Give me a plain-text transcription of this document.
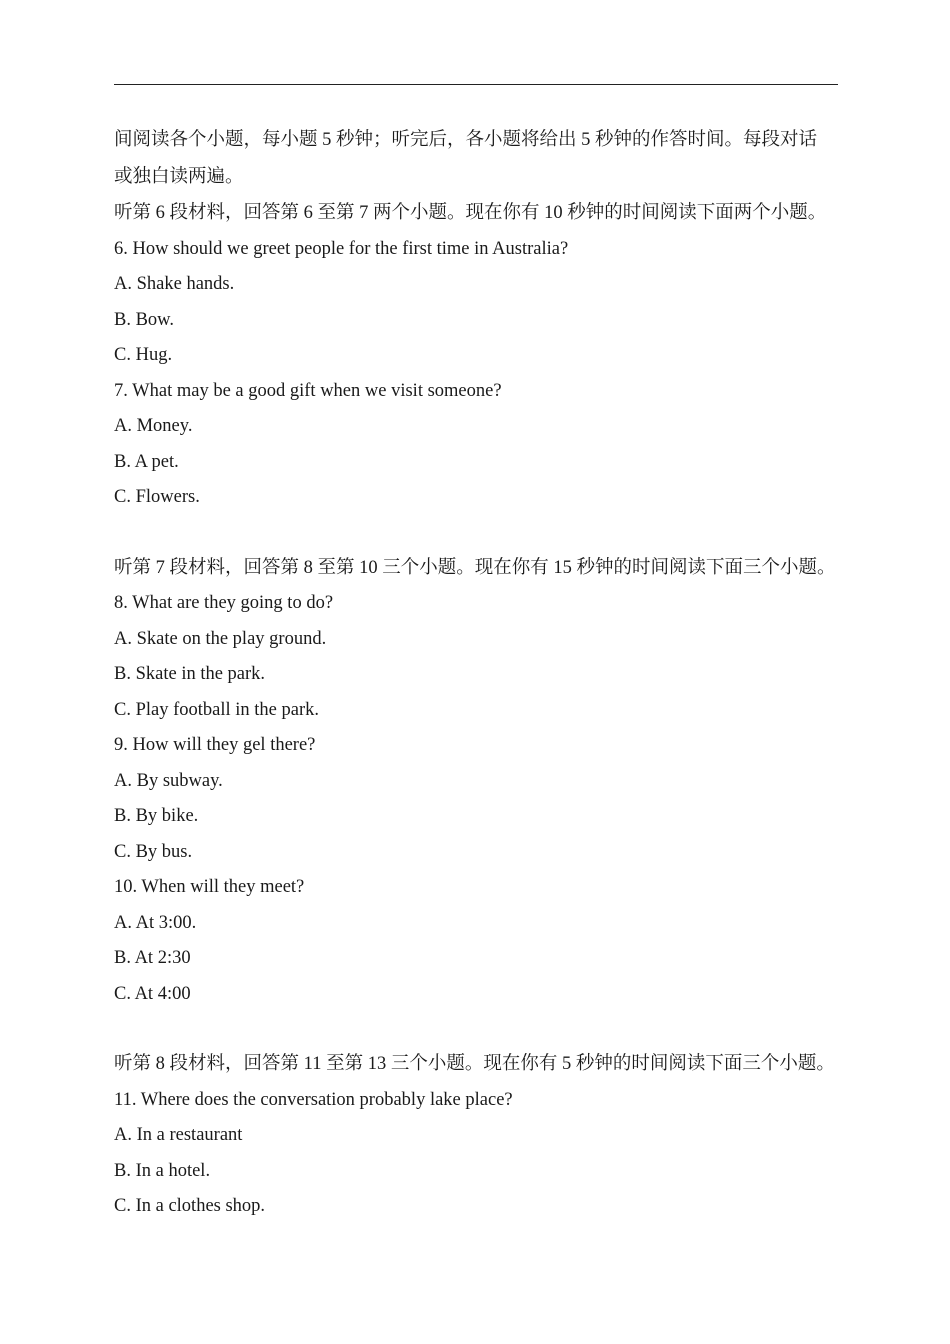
间阅读各个小题，每小题 5 秒钟；听完后，各小题将给出 5 秒钟的作答时间。每段对话
或独白读两遍。
听第 6 段材料，回答第 6 至第 7 两个小题。现在你有 10 秒钟的时间阅读下面两个小题。
6. How should we greet people for the first time in Australia?
A. Shake hands.
B. Bow.
C. Hug.
7. What may be a good gift when we visit someone?
A. Money.
B. A pet.
C. Flowers.
听第 7 段材料，回答第 8 至第 10 三个小题。现在你有 15 秒钟的时间阅读下面三个小题。
8. What are they going to do?
A. Skate on the play ground.
B. Skate in the park.
C. Play football in the park.
9. How will they gel there?
A. By subway.
B. By bike.
C. By bus.
10. When will they meet?
A. At 3:00.
B. At 2:30
C. At 4:00
听第 8 段材料，回答第 11 至第 13 三个小题。现在你有 5 秒钟的时间阅读下面三个小题。
11. Where does the conversation probably lake place?
A. In a restaurant
B. In a hotel.
C. In a clothes shop.
